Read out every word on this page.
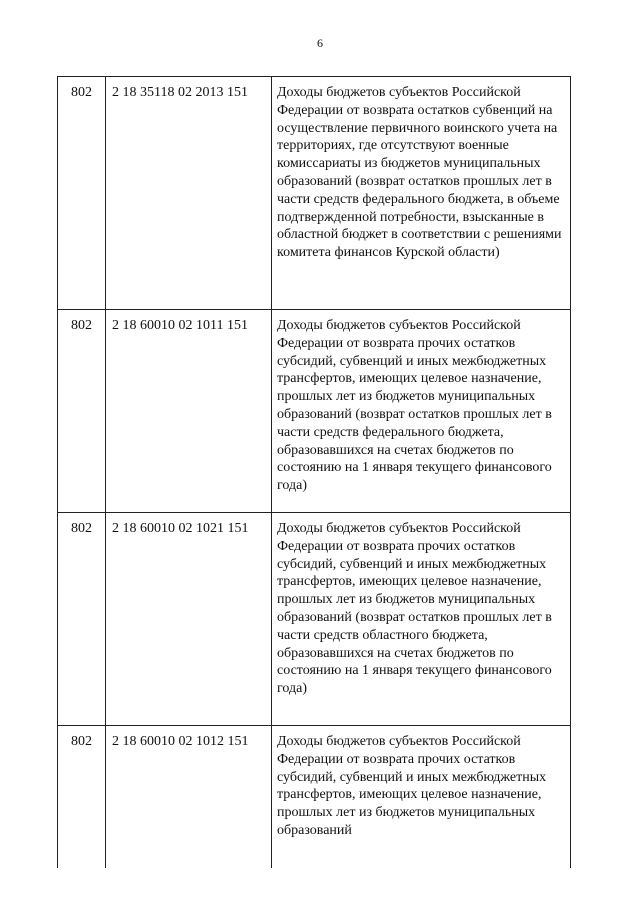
6
802	2 18 35118 02 2013 151	Доходы бюджетов субъектов Российской Федерации от возврата остатков субвенций на осуществление первичного воинского учета на территориях, где отсутствуют военные комиссариаты из бюджетов муниципальных образований (возврат остатков прошлых лет в части средств федерального бюджета, в объеме подтвержденной потребности, взысканные в областной бюджет в соответствии с решениями комитета финансов Курской области)
802	2 18 60010 02 1011 151	Доходы бюджетов субъектов Российской Федерации от возврата прочих остатков субсидий, субвенций и иных межбюджетных трансфертов, имеющих целевое назначение, прошлых лет из бюджетов муниципальных образований (возврат остатков прошлых лет в части средств федерального бюджета, образовавшихся на счетах бюджетов по состоянию на 1 января текущего финансового года)
802	2 18 60010 02 1021 151	Доходы бюджетов субъектов Российской Федерации от возврата прочих остатков субсидий, субвенций и иных межбюджетных трансфертов, имеющих целевое назначение, прошлых лет из бюджетов муниципальных образований (возврат остатков прошлых лет в части средств областного бюджета, образовавшихся на счетах бюджетов по состоянию на 1 января текущего финансового года)
802	2 18 60010 02 1012 151	Доходы бюджетов субъектов Российской Федерации от возврата прочих остатков субсидий, субвенций и иных межбюджетных трансфертов, имеющих целевое назначение, прошлых лет из бюджетов муниципальных образований
